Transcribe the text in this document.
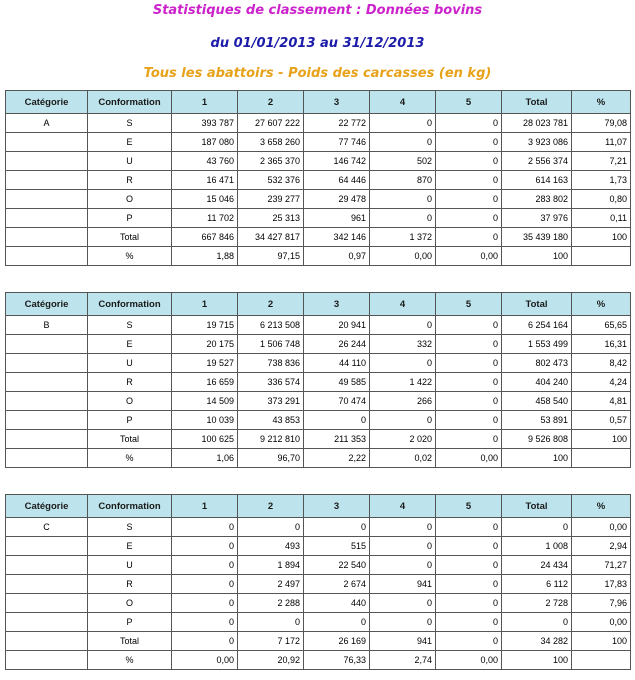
Statistiques de classement : Données bovins
du 01/01/2013 au 31/12/2013
Tous les abattoirs - Poids des carcasses (en kg)
Catégorie	Conformation	1	2	3	4	5	Total	%
A	S	393 787	27 607 222	22 772	0	0	28 023 781	79,08
	E	187 080	3 658 260	77 746	0	0	3 923 086	11,07
	U	43 760	2 365 370	146 742	502	0	2 556 374	7,21
	R	16 471	532 376	64 446	870	0	614 163	1,73
	O	15 046	239 277	29 478	0	0	283 802	0,80
	P	11 702	25 313	961	0	0	37 976	0,11
	Total	667 846	34 427 817	342 146	1 372	0	35 439 180	100
	%	1,88	97,15	0,97	0,00	0,00	100	
Catégorie	Conformation	1	2	3	4	5	Total	%
B	S	19 715	6 213 508	20 941	0	0	6 254 164	65,65
	E	20 175	1 506 748	26 244	332	0	1 553 499	16,31
	U	19 527	738 836	44 110	0	0	802 473	8,42
	R	16 659	336 574	49 585	1 422	0	404 240	4,24
	O	14 509	373 291	70 474	266	0	458 540	4,81
	P	10 039	43 853	0	0	0	53 891	0,57
	Total	100 625	9 212 810	211 353	2 020	0	9 526 808	100
	%	1,06	96,70	2,22	0,02	0,00	100	
Catégorie	Conformation	1	2	3	4	5	Total	%
C	S	0	0	0	0	0	0	0,00
	E	0	493	515	0	0	1 008	2,94
	U	0	1 894	22 540	0	0	24 434	71,27
	R	0	2 497	2 674	941	0	6 112	17,83
	O	0	2 288	440	0	0	2 728	7,96
	P	0	0	0	0	0	0	0,00
	Total	0	7 172	26 169	941	0	34 282	100
	%	0,00	20,92	76,33	2,74	0,00	100	
